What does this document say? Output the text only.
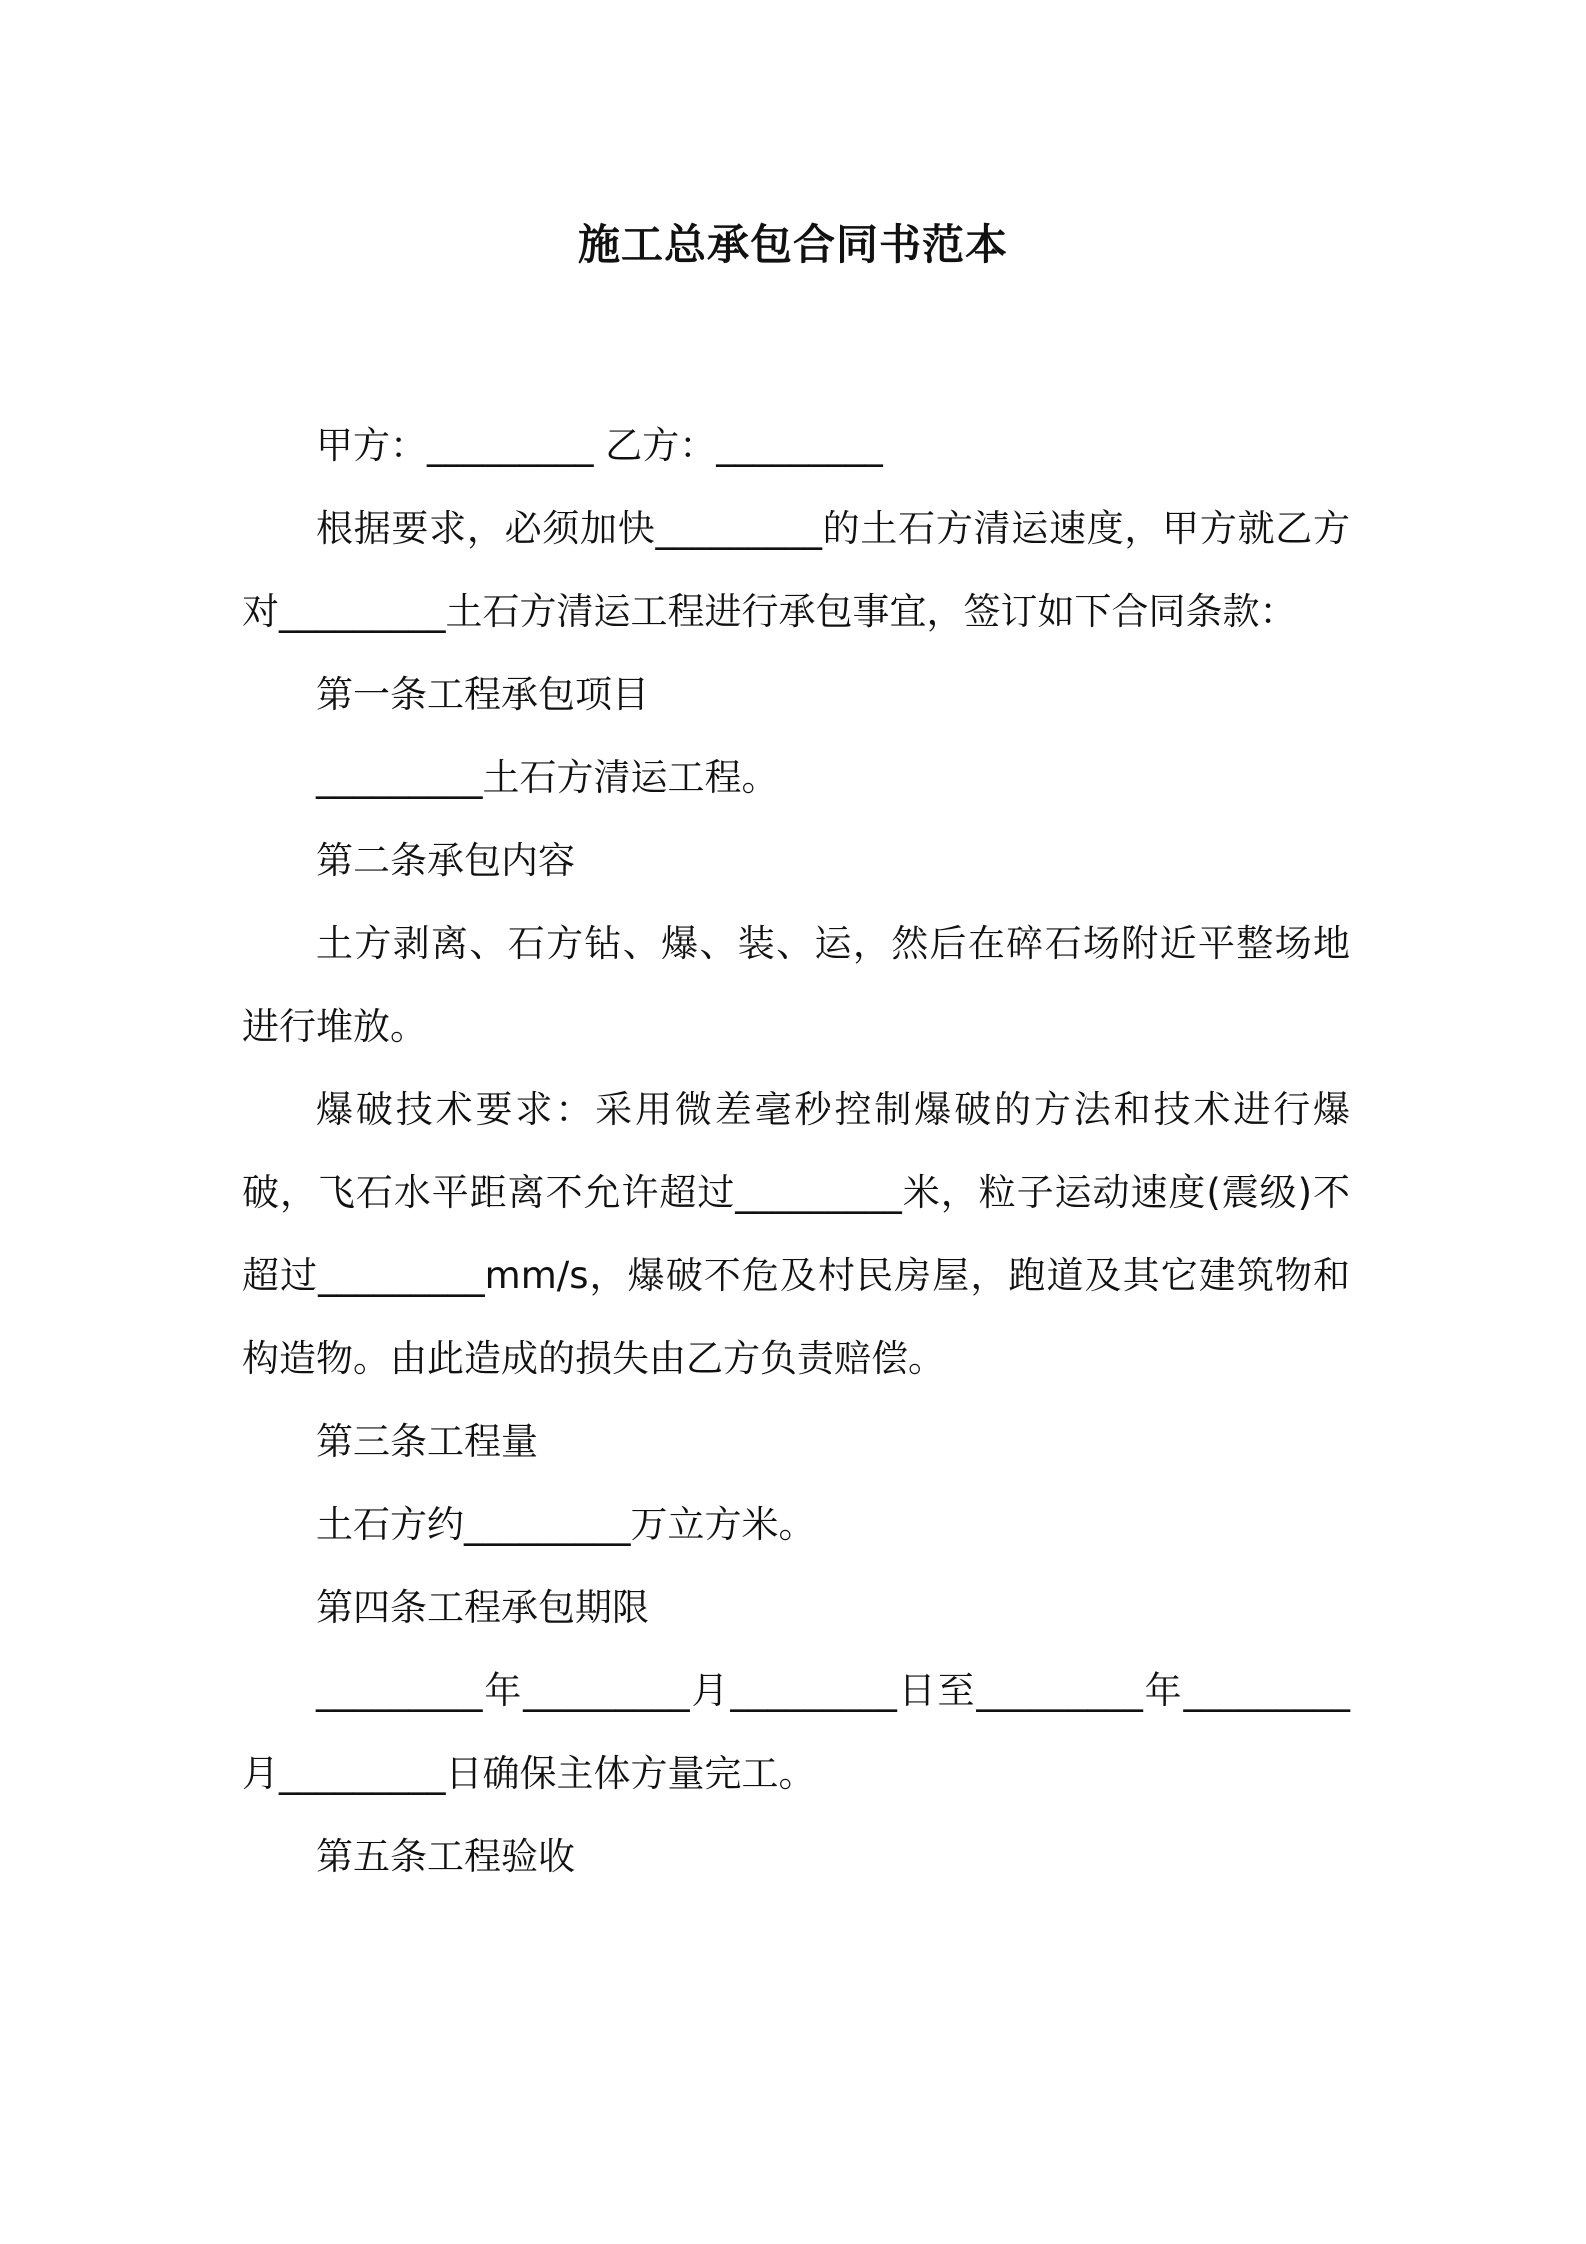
施工总承包合同书范本

甲方：_________ 乙方：_________

根据要求，必须加快_________的土石方清运速度，甲方就乙方对_________土石方清运工程进行承包事宜，签订如下合同条款：

第一条工程承包项目

_________土石方清运工程。

第二条承包内容

土方剥离、石方钻、爆、装、运，然后在碎石场附近平整场地进行堆放。

爆破技术要求：采用微差毫秒控制爆破的方法和技术进行爆破，飞石水平距离不允许超过_________米，粒子运动速度(震级)不超过_________mm/s，爆破不危及村民房屋，跑道及其它建筑物和构造物。由此造成的损失由乙方负责赔偿。

第三条工程量

土石方约_________万立方米。

第四条工程承包期限

_________年_________月_________日至_________年_________月_________日确保主体方量完工。

第五条工程验收
